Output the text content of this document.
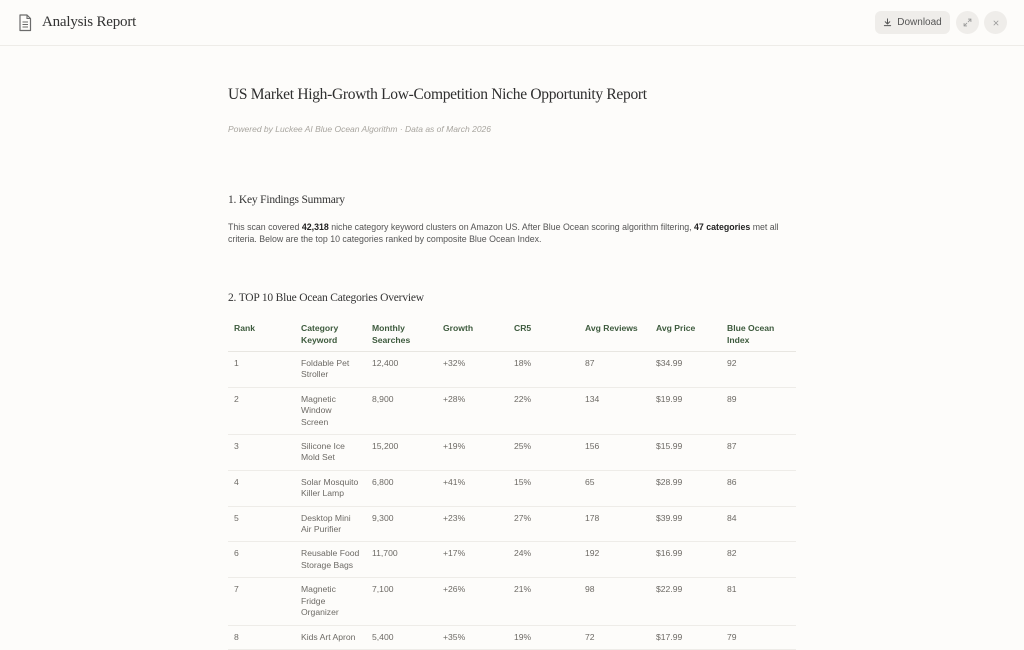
Analysis Report	Download
US Market High-Growth Low-Competition Niche Opportunity Report
Powered by Luckee AI Blue Ocean Algorithm · Data as of March 2026
1. Key Findings Summary
This scan covered 42,318 niche category keyword clusters on Amazon US. After Blue Ocean scoring algorithm filtering, 47 categories met all criteria. Below are the top 10 categories ranked by composite Blue Ocean Index.
2. TOP 10 Blue Ocean Categories Overview
Rank	Category Keyword	Monthly Searches	Growth	CR5	Avg Reviews	Avg Price	Blue Ocean Index
1	Foldable Pet Stroller	12,400	+32%	18%	87	$34.99	92
2	Magnetic Window Screen	8,900	+28%	22%	134	$19.99	89
3	Silicone Ice Mold Set	15,200	+19%	25%	156	$15.99	87
4	Solar Mosquito Killer Lamp	6,800	+41%	15%	65	$28.99	86
5	Desktop Mini Air Purifier	9,300	+23%	27%	178	$39.99	84
6	Reusable Food Storage Bags	11,700	+17%	24%	192	$16.99	82
7	Magnetic Fridge Organizer	7,100	+26%	21%	98	$22.99	81
8	Kids Art Apron	5,400	+35%	19%	72	$17.99	79
